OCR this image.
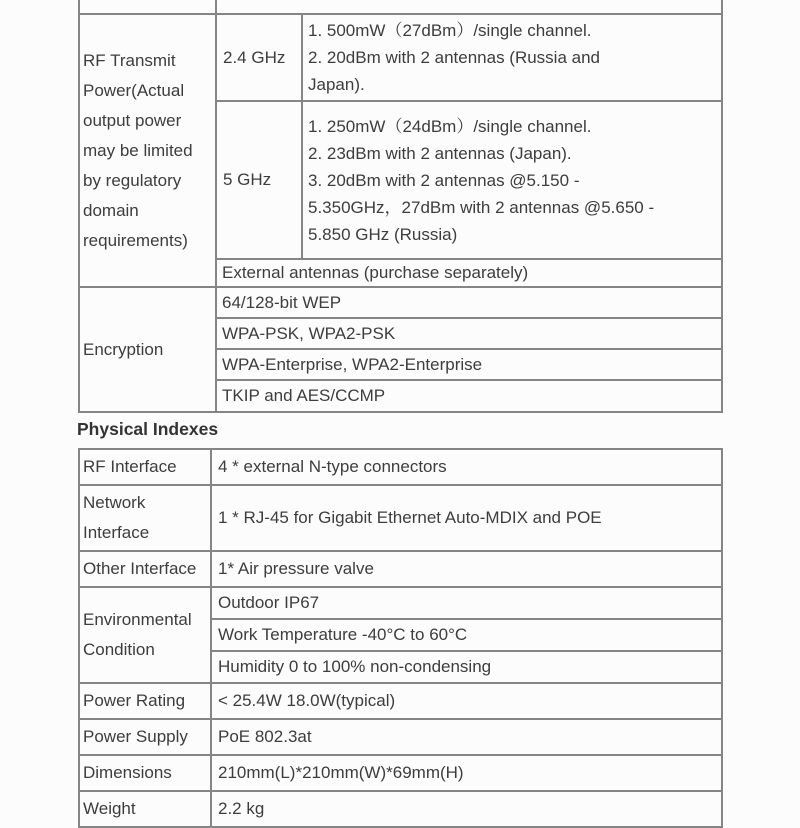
RF Transmit Power(Actual output power may be limited by regulatory domain requirements)	2.4 GHz	1. 500mW（27dBm）/single channel.
2. 20dBm with 2 antennas (Russia and
Japan).

	5 GHz	1. 250mW（24dBm）/single channel.
2. 23dBm with 2 antennas (Japan).
3. 20dBm with 2 antennas @5.150 -
5.350GHz，27dBm with 2 antennas @5.650 -
5.850 GHz (Russia)

	External antennas (purchase separately)	
Encryption	64/128-bit WEP	
	WPA-PSK, WPA2-PSK	
	WPA-Enterprise, WPA2-Enterprise	
	TKIP and AES/CCMP	
Physical Indexes
RF Interface	4 * external N-type connectors
Network Interface	1 * RJ-45 for Gigabit Ethernet Auto-MDIX and POE
Other Interface	1* Air pressure valve
Environmental Condition	Outdoor IP67
	Work Temperature -40°C to 60°C
	Humidity 0 to 100% non-condensing
Power Rating	< 25.4W 18.0W(typical)
Power Supply	PoE 802.3at
Dimensions	210mm(L)*210mm(W)*69mm(H)
Weight	2.2 kg
